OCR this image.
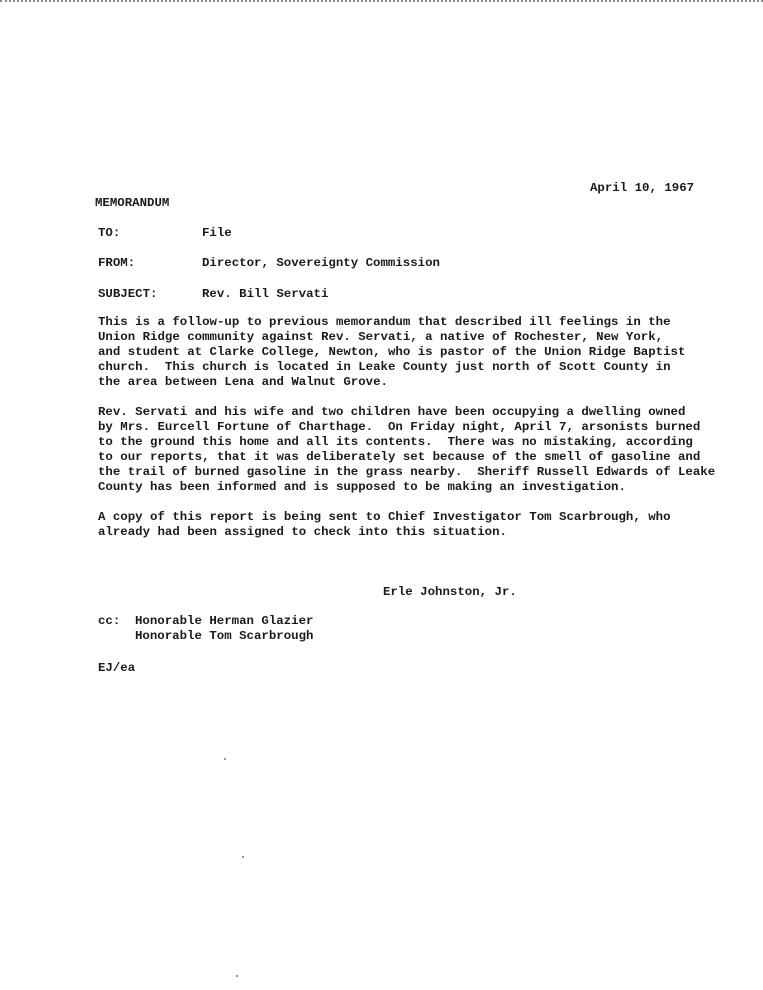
April 10, 1967
MEMORANDUM
TO:	File
FROM:	Director, Sovereignty Commission
SUBJECT:	Rev. Bill Servati
This is a follow-up to previous memorandum that described ill feelings in the
Union Ridge community against Rev. Servati, a native of Rochester, New York,
and student at Clarke College, Newton, who is pastor of the Union Ridge Baptist
church.  This church is located in Leake County just north of Scott County in
the area between Lena and Walnut Grove.
Rev. Servati and his wife and two children have been occupying a dwelling owned
by Mrs. Eurcell Fortune of Charthage.  On Friday night, April 7, arsonists burned
to the ground this home and all its contents.  There was no mistaking, according
to our reports, that it was deliberately set because of the smell of gasoline and
the trail of burned gasoline in the grass nearby.  Sheriff Russell Edwards of Leake
County has been informed and is supposed to be making an investigation.
A copy of this report is being sent to Chief Investigator Tom Scarbrough, who
already had been assigned to check into this situation.
Erle Johnston, Jr.
cc: Honorable Herman Glazier
Honorable Tom Scarbrough
EJ/ea
